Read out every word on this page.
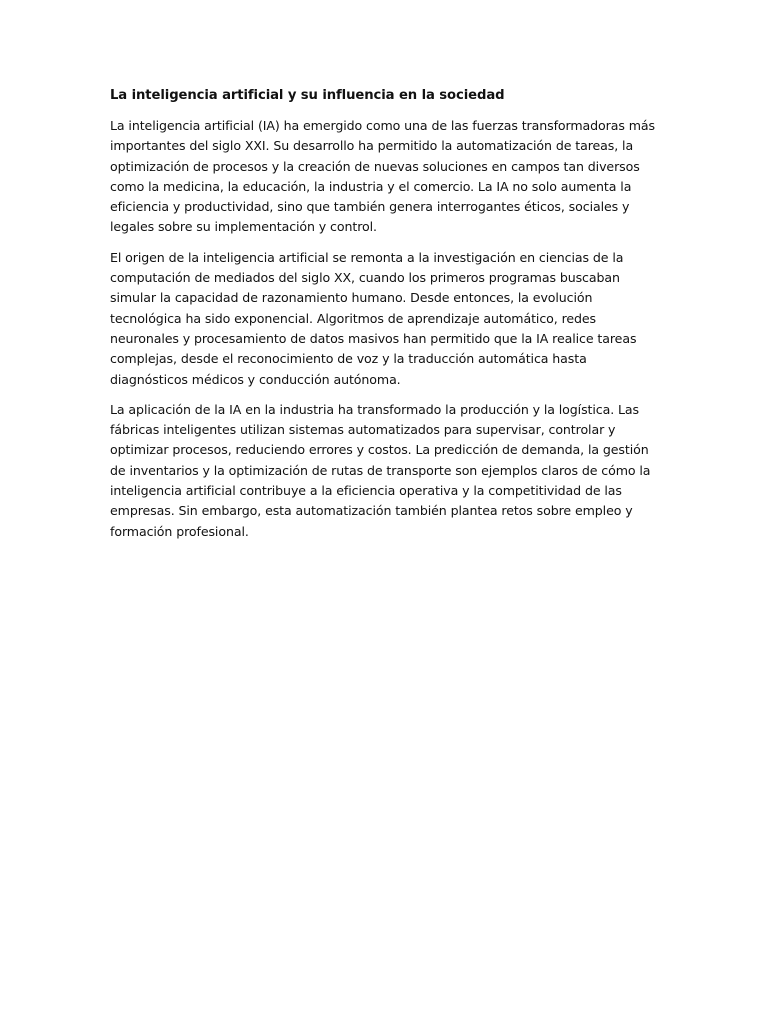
La inteligencia artificial y su influencia en la sociedad

La inteligencia artificial (IA) ha emergido como una de las fuerzas transformadoras más importantes del siglo XXI. Su desarrollo ha permitido la automatización de tareas, la optimización de procesos y la creación de nuevas soluciones en campos tan diversos como la medicina, la educación, la industria y el comercio. La IA no solo aumenta la eficiencia y productividad, sino que también genera interrogantes éticos, sociales y legales sobre su implementación y control.

El origen de la inteligencia artificial se remonta a la investigación en ciencias de la computación de mediados del siglo XX, cuando los primeros programas buscaban simular la capacidad de razonamiento humano. Desde entonces, la evolución tecnológica ha sido exponencial. Algoritmos de aprendizaje automático, redes neuronales y procesamiento de datos masivos han permitido que la IA realice tareas complejas, desde el reconocimiento de voz y la traducción automática hasta diagnósticos médicos y conducción autónoma.

La aplicación de la IA en la industria ha transformado la producción y la logística. Las fábricas inteligentes utilizan sistemas automatizados para supervisar, controlar y optimizar procesos, reduciendo errores y costos. La predicción de demanda, la gestión de inventarios y la optimización de rutas de transporte son ejemplos claros de cómo la inteligencia artificial contribuye a la eficiencia operativa y la competitividad de las empresas. Sin embargo, esta automatización también plantea retos sobre empleo y formación profesional.
